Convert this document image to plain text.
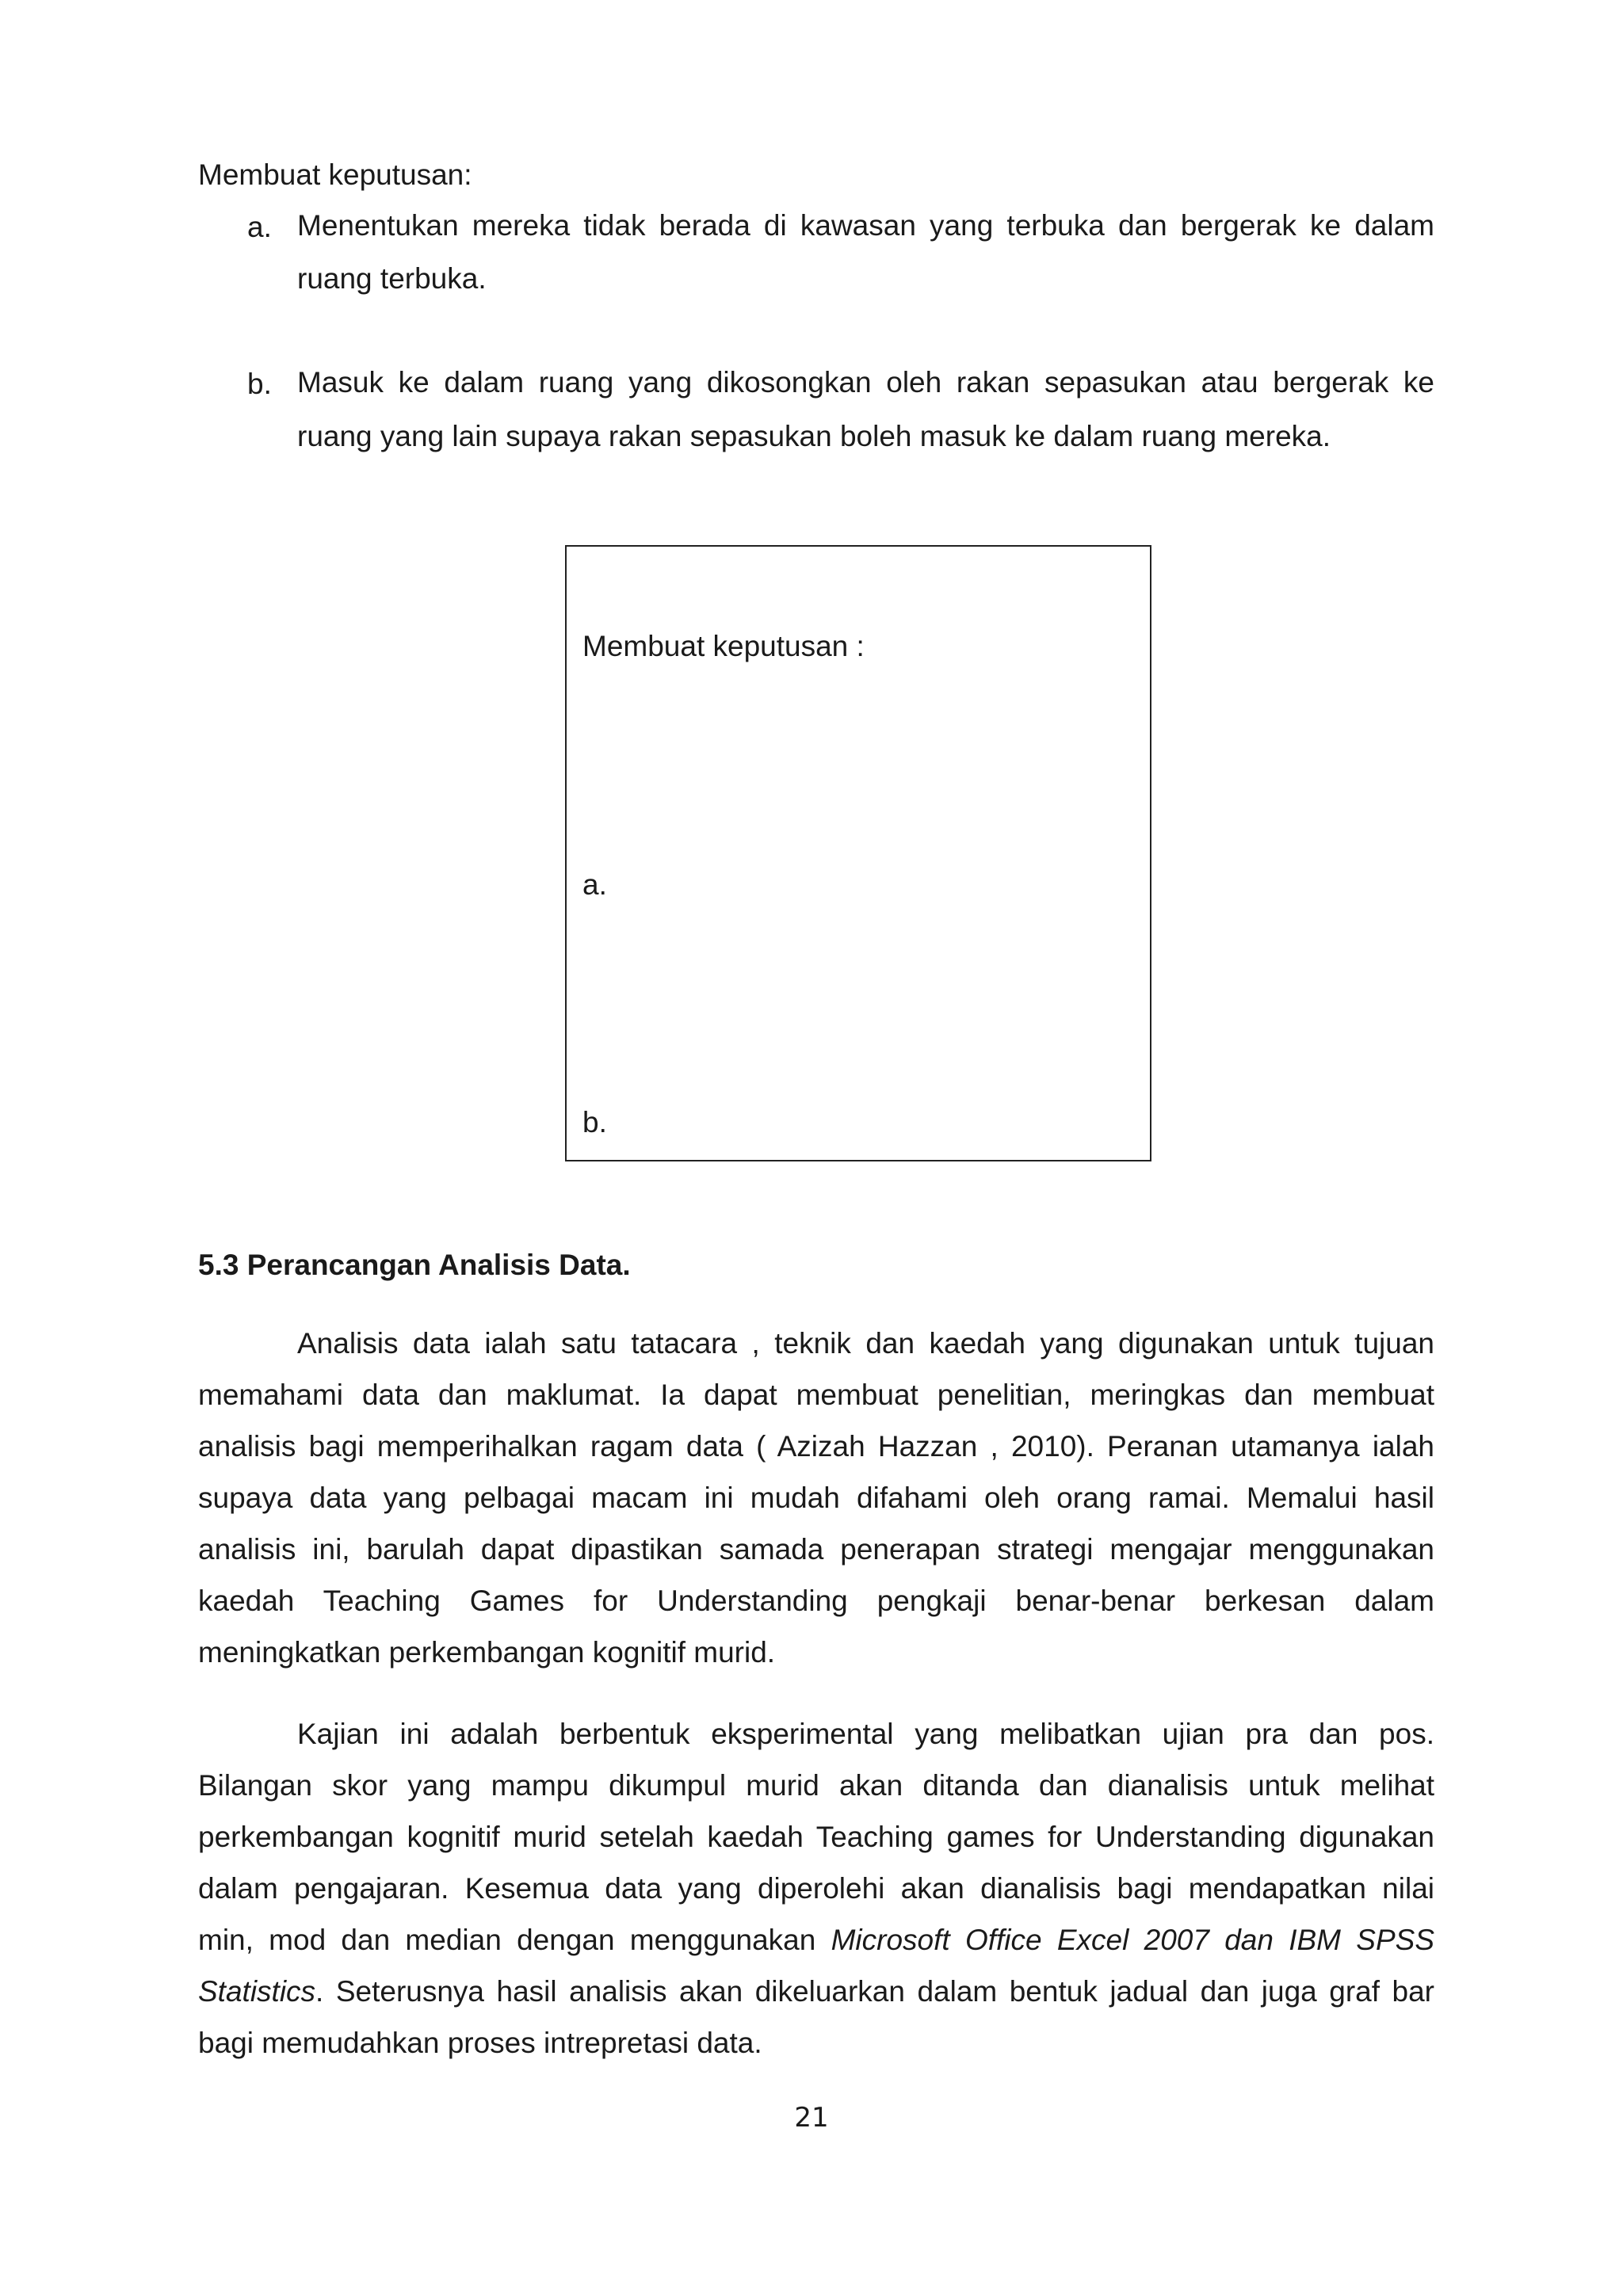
Membuat keputusan:
a. Menentukan mereka tidak berada di kawasan yang terbuka dan bergerak ke dalam
ruang terbuka.
b. Masuk ke dalam ruang yang dikosongkan oleh rakan sepasukan atau bergerak ke
ruang yang lain supaya rakan sepasukan boleh masuk ke dalam ruang mereka.
Membuat keputusan :
a.
b.
5.3 Perancangan Analisis Data.
Analisis data ialah satu tatacara , teknik dan kaedah yang digunakan untuk tujuan
memahami data dan maklumat. Ia dapat membuat penelitian, meringkas dan membuat
analisis bagi memperihalkan ragam data ( Azizah Hazzan , 2010). Peranan utamanya ialah
supaya data yang pelbagai macam ini mudah difahami oleh orang ramai. Memalui hasil
analisis ini, barulah dapat dipastikan samada penerapan strategi mengajar menggunakan
kaedah Teaching Games for Understanding pengkaji benar-benar berkesan dalam
meningkatkan perkembangan kognitif murid.
Kajian ini adalah berbentuk eksperimental yang melibatkan ujian pra dan pos.
Bilangan skor yang mampu dikumpul murid akan ditanda dan dianalisis untuk melihat
perkembangan kognitif murid setelah kaedah Teaching games for Understanding digunakan
dalam pengajaran. Kesemua data yang diperolehi akan dianalisis bagi mendapatkan nilai
min, mod dan median dengan menggunakan Microsoft Office Excel 2007 dan IBM SPSS
Statistics. Seterusnya hasil analisis akan dikeluarkan dalam bentuk jadual dan juga graf bar
bagi memudahkan proses intrepretasi data.
21
